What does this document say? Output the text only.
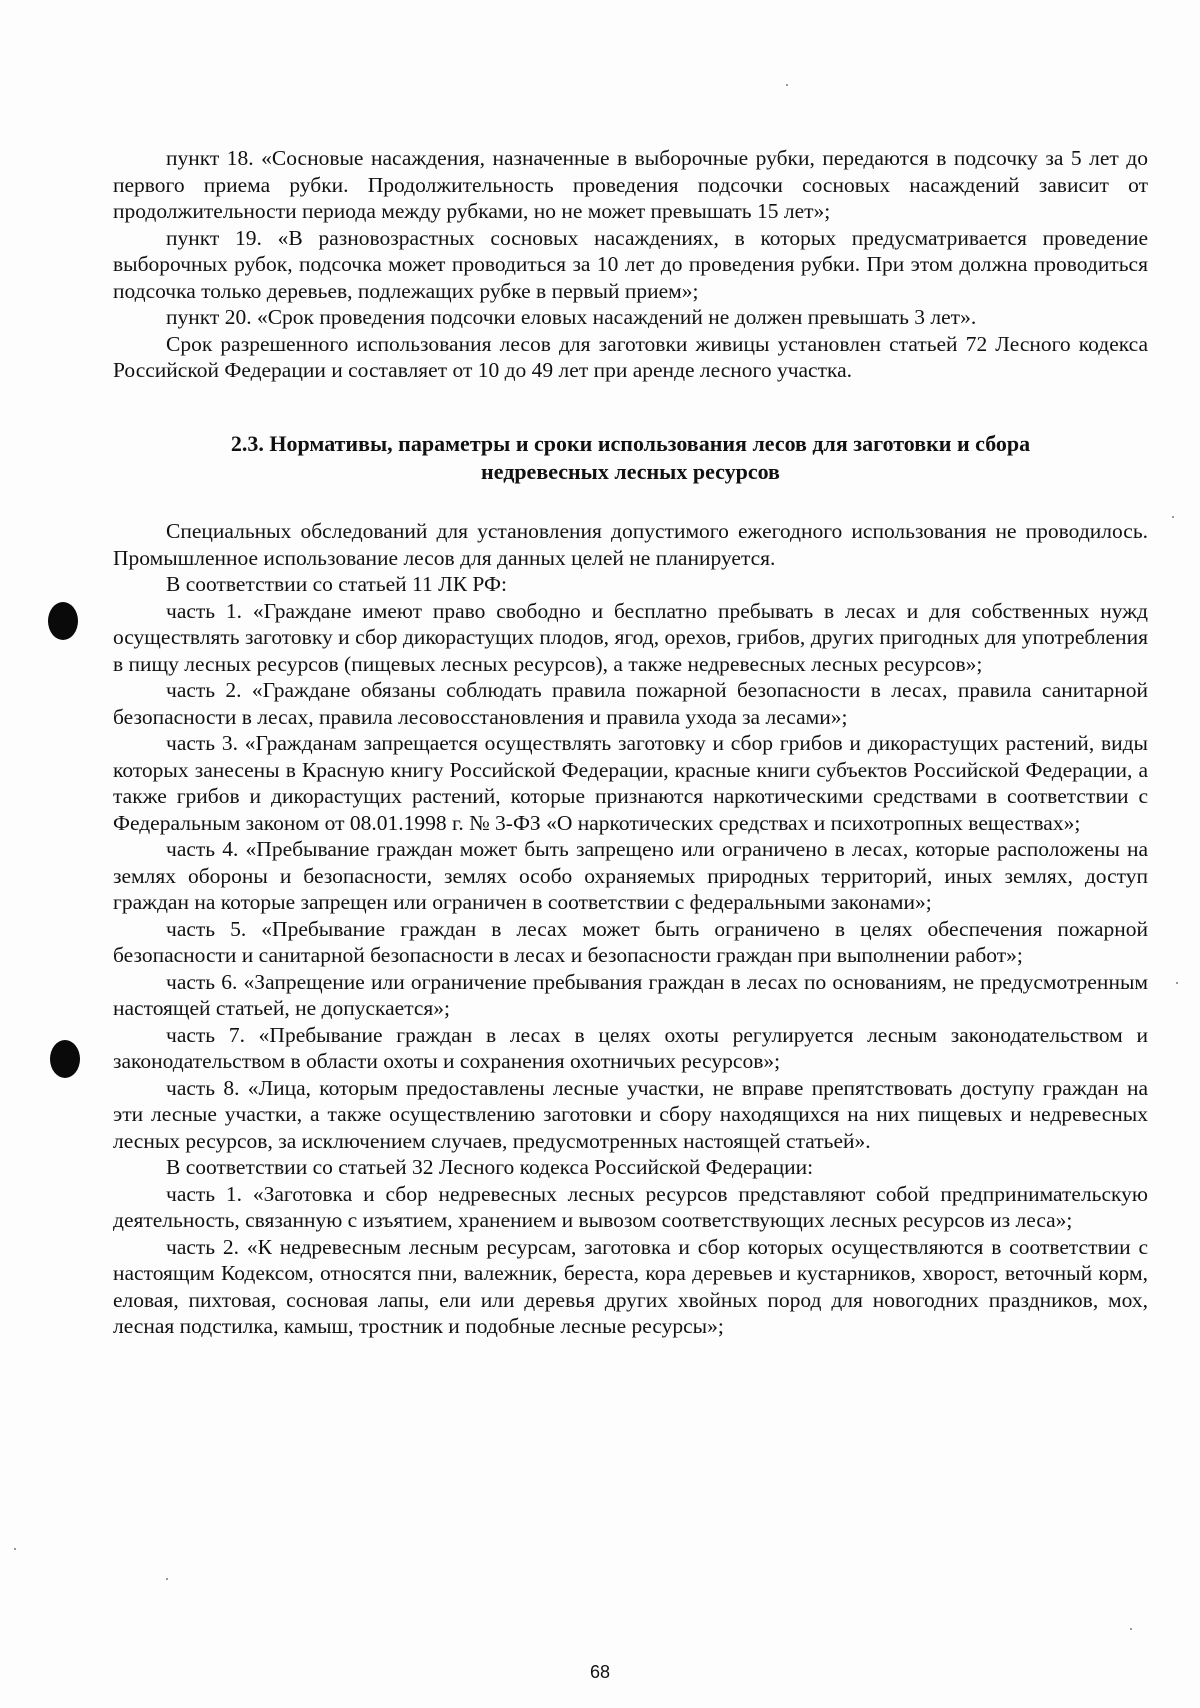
пункт 18. «Сосновые насаждения, назначенные в выборочные рубки, передаются в подсочку за 5 лет до первого приема рубки. Продолжительность проведения подсочки сосновых насаждений зависит от продолжительности периода между рубками, но не может превышать 15 лет»;

пункт 19. «В разновозрастных сосновых насаждениях, в которых предусматривается проведение выборочных рубок, подсочка может проводиться за 10 лет до проведения рубки. При этом должна проводиться подсочка только деревьев, подлежащих рубке в первый прием»;

пункт 20. «Срок проведения подсочки еловых насаждений не должен превышать 3 лет».

Срок разрешенного использования лесов для заготовки живицы установлен статьей 72 Лесного кодекса Российской Федерации и составляет от 10 до 49 лет при аренде лесного участка.

2.3. Нормативы, параметры и сроки использования лесов для заготовки и сбора
недревесных лесных ресурсов

Специальных обследований для установления допустимого ежегодного использования не проводилось. Промышленное использование лесов для данных целей не планируется.

В соответствии со статьей 11 ЛК РФ:

часть 1. «Граждане имеют право свободно и бесплатно пребывать в лесах и для собственных нужд осуществлять заготовку и сбор дикорастущих плодов, ягод, орехов, грибов, других пригодных для употребления в пищу лесных ресурсов (пищевых лесных ресурсов), а также недревесных лесных ресурсов»;

часть 2. «Граждане обязаны соблюдать правила пожарной безопасности в лесах, правила санитарной безопасности в лесах, правила лесовосстановления и правила ухода за лесами»;

часть 3. «Гражданам запрещается осуществлять заготовку и сбор грибов и дикорастущих растений, виды которых занесены в Красную книгу Российской Федерации, красные книги субъектов Российской Федерации, а также грибов и дикорастущих растений, которые признаются наркотическими средствами в соответствии с Федеральным законом от 08.01.1998 г. № 3-ФЗ «О наркотических средствах и психотропных веществах»;

часть 4. «Пребывание граждан может быть запрещено или ограничено в лесах, которые расположены на землях обороны и безопасности, землях особо охраняемых природных территорий, иных землях, доступ граждан на которые запрещен или ограничен в соответствии с федеральными законами»;

часть 5. «Пребывание граждан в лесах может быть ограничено в целях обеспечения пожарной безопасности и санитарной безопасности в лесах и безопасности граждан при выполнении работ»;

часть 6. «Запрещение или ограничение пребывания граждан в лесах по основаниям, не предусмотренным настоящей статьей, не допускается»;

часть 7. «Пребывание граждан в лесах в целях охоты регулируется лесным законодательством и законодательством в области охоты и сохранения охотничьих ресурсов»;

часть 8. «Лица, которым предоставлены лесные участки, не вправе препятствовать доступу граждан на эти лесные участки, а также осуществлению заготовки и сбору находящихся на них пищевых и недревесных лесных ресурсов, за исключением случаев, предусмотренных настоящей статьей».

В соответствии со статьей 32 Лесного кодекса Российской Федерации:

часть 1. «Заготовка и сбор недревесных лесных ресурсов представляют собой предпринимательскую деятельность, связанную с изъятием, хранением и вывозом соответствующих лесных ресурсов из леса»;

часть 2. «К недревесным лесным ресурсам, заготовка и сбор которых осуществляются в соответствии с настоящим Кодексом, относятся пни, валежник, береста, кора деревьев и кустарников, хворост, веточный корм, еловая, пихтовая, сосновая лапы, ели или деревья других хвойных пород для новогодних праздников, мох, лесная подстилка, камыш, тростник и подобные лесные ресурсы»;

68
